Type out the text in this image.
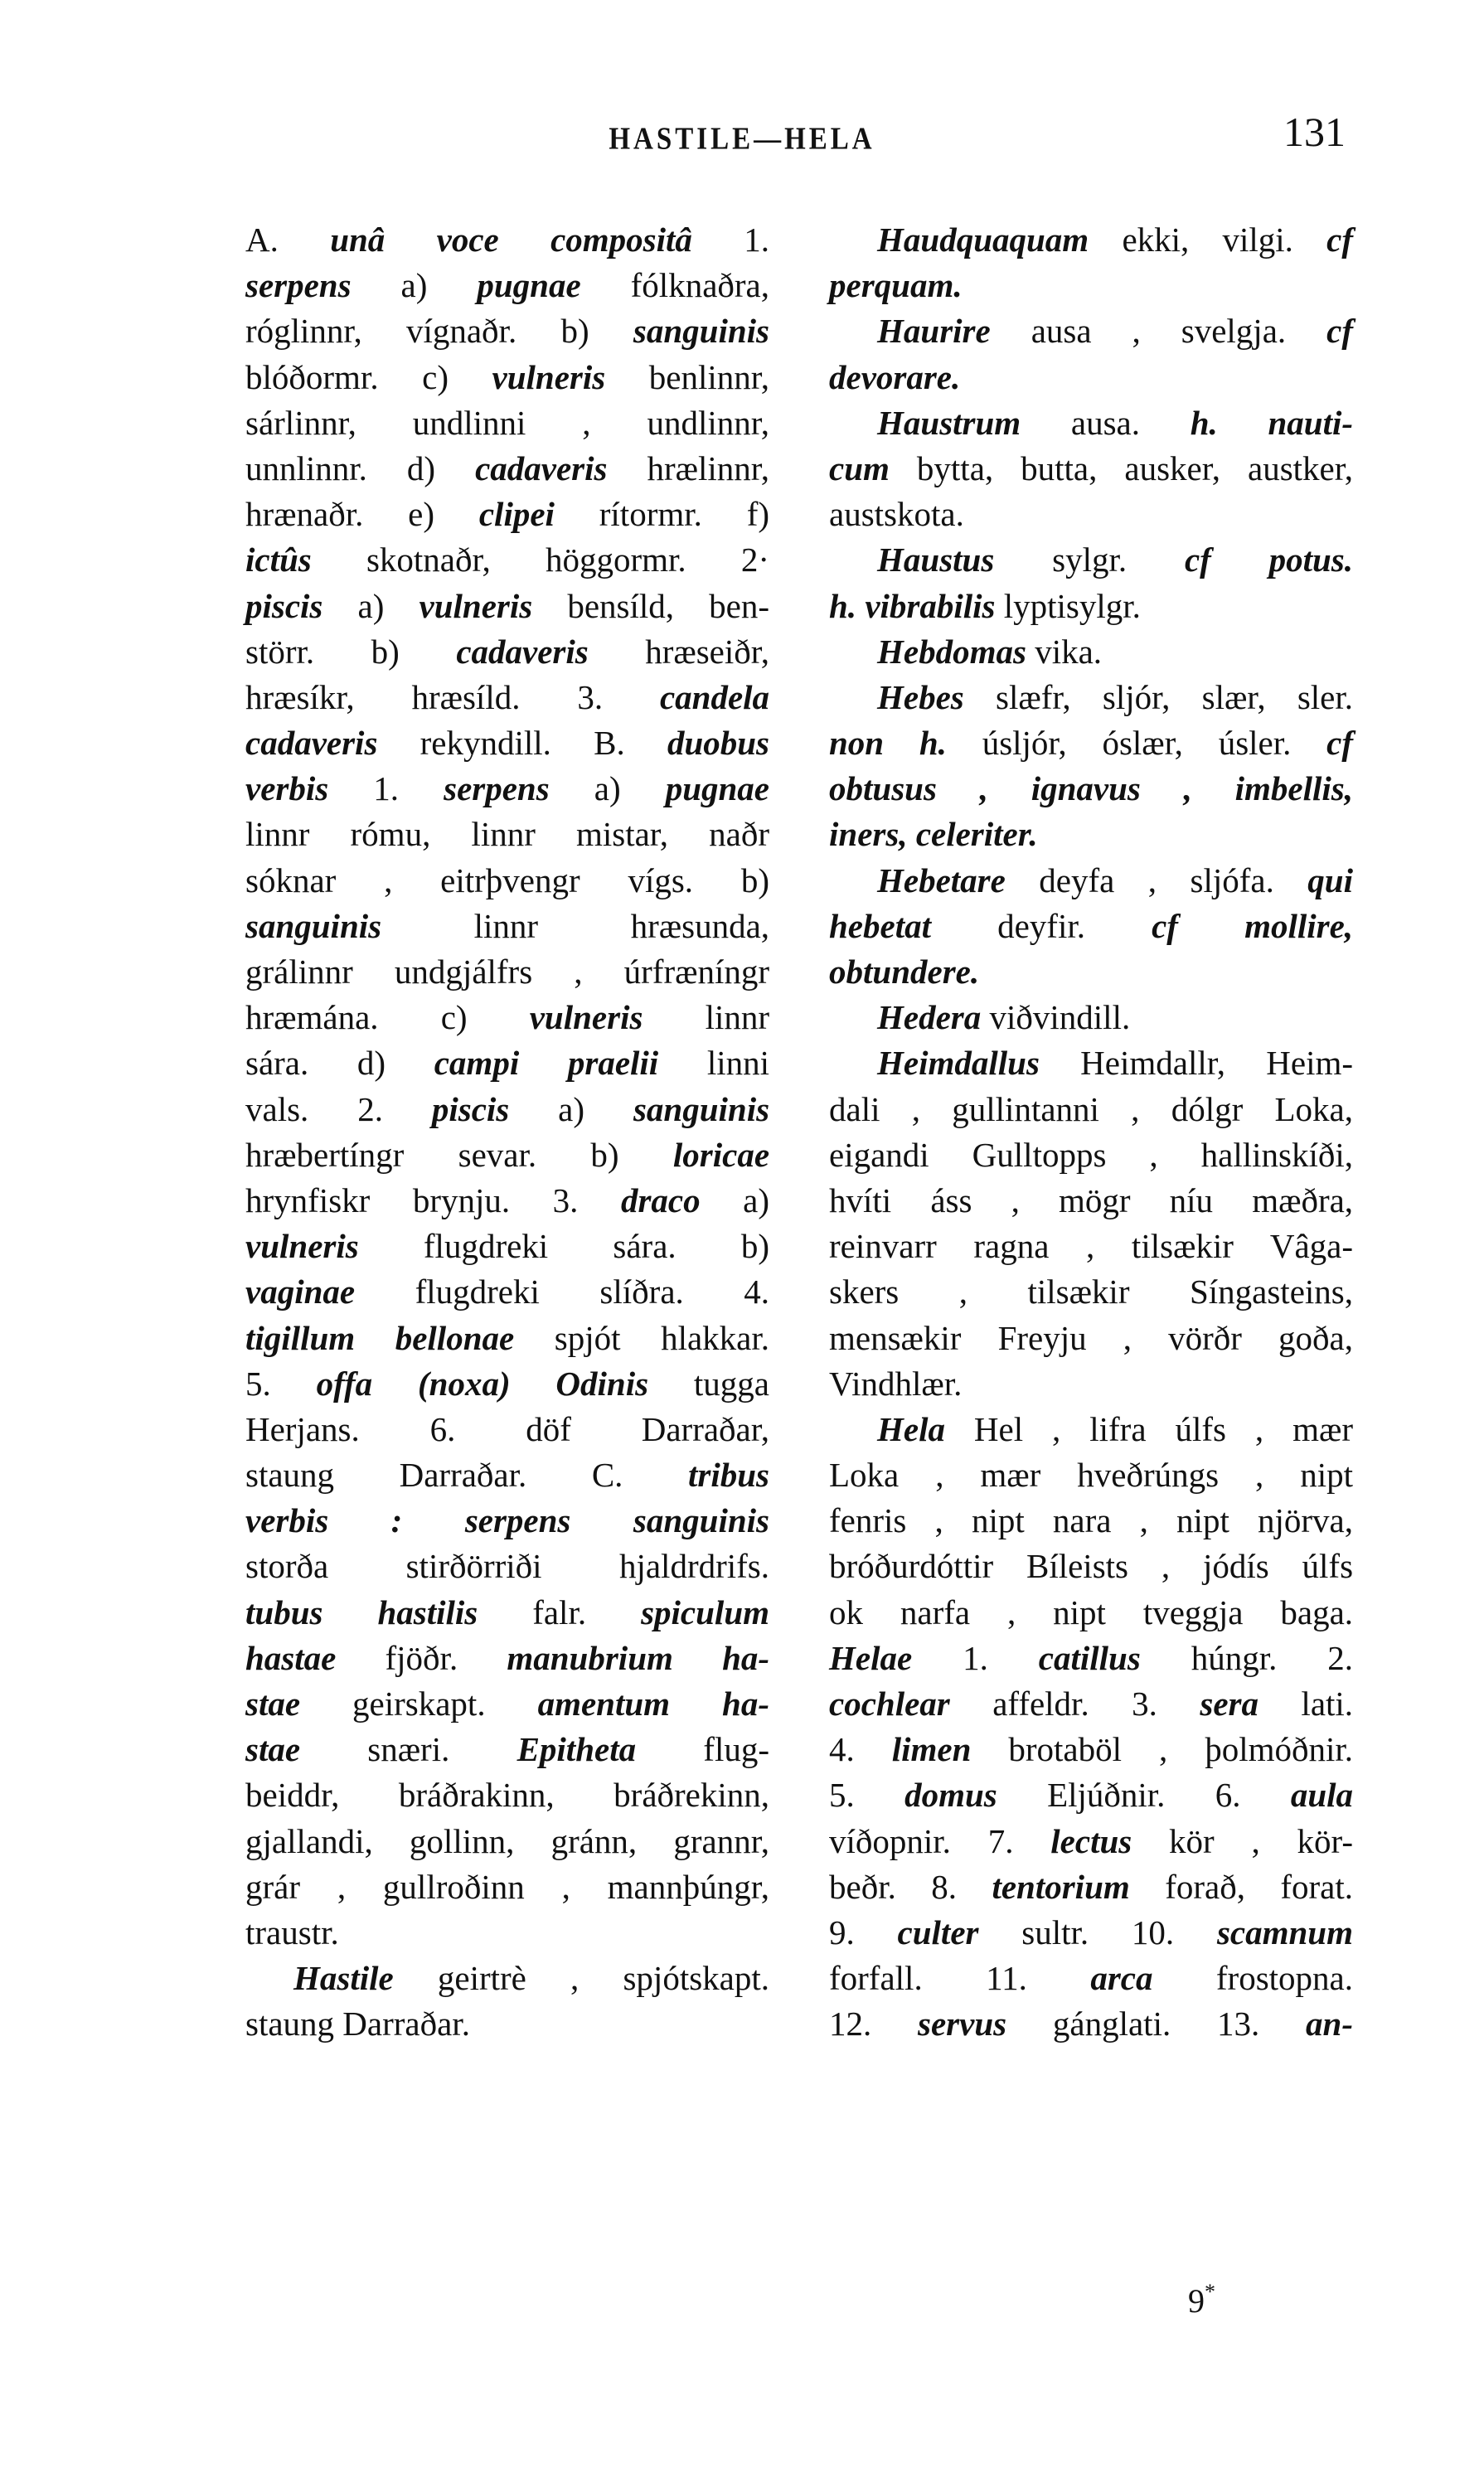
HASTILE—HELA	131
A. unâ voce compositâ 1.
serpens a) pugnae fólknaðra,
róglinnr, vígnaðr. b) sanguinis
blóðormr. c) vulneris benlinnr,
sárlinnr, undlinni , undlinnr,
unnlinnr. d) cadaveris hrælinnr,
hrænaðr. e) clipei rítormr. f)
ictûs skotnaðr, höggormr. 2·
piscis a) vulneris bensíld, ben-
störr. b) cadaveris hræseiðr,
hræsíkr, hræsíld. 3. candela
cadaveris rekyndill. B. duobus
verbis 1. serpens a) pugnae
linnr rómu, linnr mistar, naðr
sóknar , eitrþvengr vígs. b)
sanguinis	linnr	hræsunda,
grálinnr undgjálfrs , úrfræníngr
hræmána. c) vulneris linnr
sára. d) campi praelii linni
vals. 2. piscis a) sanguinis
hræbertíngr sevar. b) loricae
hrynfiskr brynju. 3. draco a)
vulneris flugdreki sára. b)
vaginae flugdreki slíðra. 4.
tigillum bellonae spjót hlakkar.
5. offa (noxa) Odinis tugga
Herjans. 6. döf Darraðar,
staung Darraðar. C. tribus
verbis : serpens sanguinis
storða stirðörriði hjaldrdrifs.
tubus hastilis falr. spiculum
hastae fjöðr. manubrium ha-
stae geirskapt. amentum ha-
stae snæri. Epitheta flug-
beiddr, bráðrakinn, bráðrekinn,
gjallandi, gollinn, gránn, grannr,
grár , gullroðinn , mannþúngr,
traustr.
Hastile geirtrè , spjótskapt.
staung Darraðar.
Haudquaquam ekki, vilgi. cf
perquam.
Haurire ausa , svelgja. cf
devorare.
Haustrum ausa. h. nauti-
cum bytta, butta, ausker, austker,
austskota.
Haustus sylgr. cf potus.
h. vibrabilis lyptisylgr.
Hebdomas vika.
Hebes slæfr, sljór, slær, sler.
non h. úsljór, óslær, úsler. cf
obtusus , ignavus , imbellis,
iners, celeriter.
Hebetare deyfa , sljófa. qui
hebetat deyfir. cf mollire,
obtundere.
Hedera viðvindill.
Heimdallus Heimdallr, Heim-
dali , gullintanni , dólgr Loka,
eigandi Gulltopps , hallinskíði,
hvíti áss , mögr níu mæðra,
reinvarr ragna , tilsækir Vâga-
skers , tilsækir Síngasteins,
mensækir Freyju , vörðr goða,
Vindhlær.
Hela Hel , lifra úlfs , mær
Loka , mær hveðrúngs , nipt
fenris , nipt nara , nipt njörva,
bróðurdóttir Bíleists , jódís úlfs
ok narfa , nipt tveggja baga.
Helae 1. catillus húngr. 2.
cochlear affeldr. 3. sera lati.
4. limen brotaböl , þolmóðnir.
5. domus Eljúðnir. 6. aula
víðopnir. 7. lectus kör , kör-
beðr. 8. tentorium forað, forat.
9. culter sultr. 10. scamnum
forfall. 11. arca frostopna.
12. servus gánglati. 13. an-
9*
